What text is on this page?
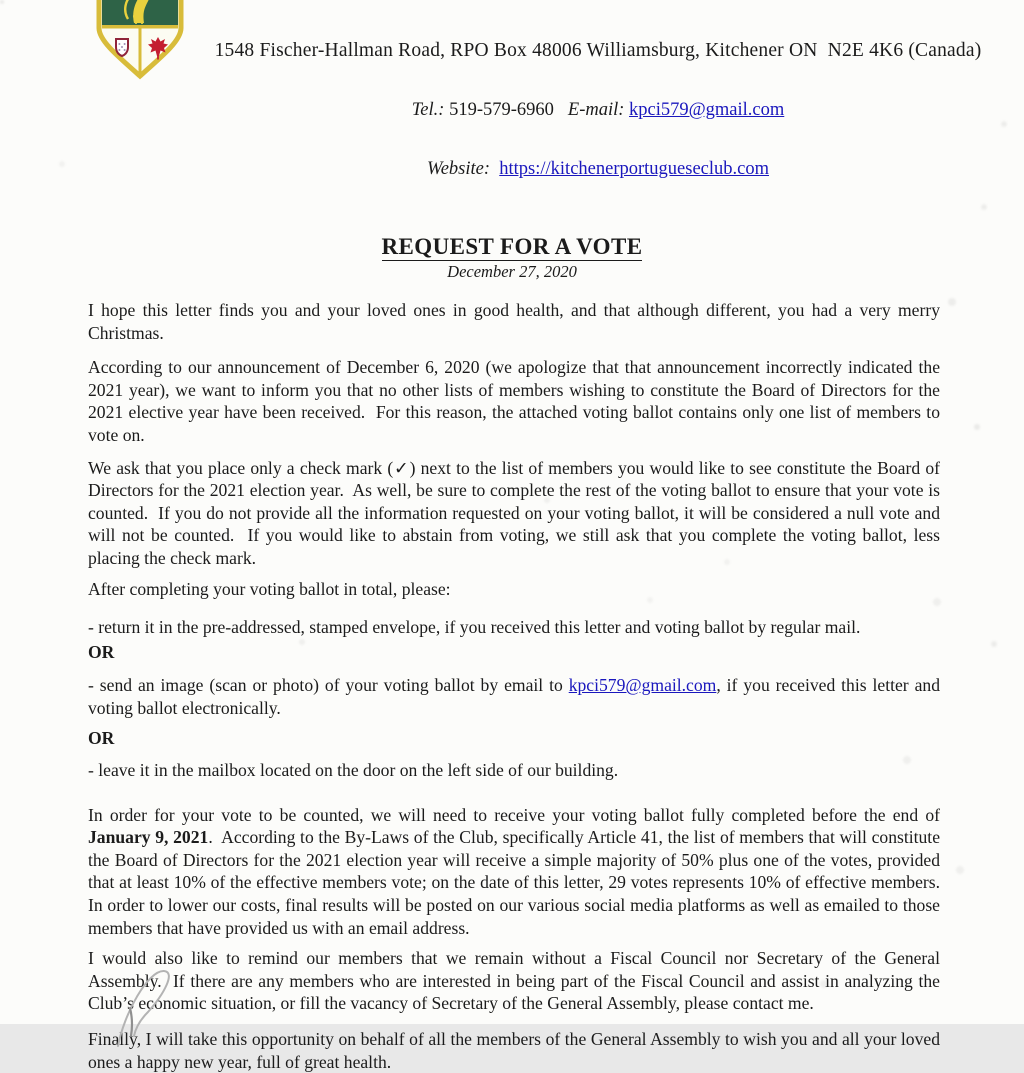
1548 Fischer-Hallman Road, RPO Box 48006 Williamsburg, Kitchener ON  N2E 4K6 (Canada)

Tel.: 519-579-6960 E-mail: kpci579@gmail.com

Website: https://kitchenerportugueseclub.com

REQUEST FOR A VOTE
December 27, 2020

I hope this letter finds you and your loved ones in good health, and that although different, you had a very merry Christmas.

According to our announcement of December 6, 2020 (we apologize that that announcement incorrectly indicated the 2021 year), we want to inform you that no other lists of members wishing to constitute the Board of Directors for the 2021 elective year have been received.  For this reason, the attached voting ballot contains only one list of members to vote on.

We ask that you place only a check mark (✓) next to the list of members you would like to see constitute the Board of Directors for the 2021 election year.  As well, be sure to complete the rest of the voting ballot to ensure that your vote is counted.  If you do not provide all the information requested on your voting ballot, it will be considered a null vote and will not be counted.  If you would like to abstain from voting, we still ask that you complete the voting ballot, less placing the check mark.

After completing your voting ballot in total, please:

- return it in the pre-addressed, stamped envelope, if you received this letter and voting ballot by regular mail.

OR

- send an image (scan or photo) of your voting ballot by email to kpci579@gmail.com, if you received this letter and voting ballot electronically.

OR

- leave it in the mailbox located on the door on the left side of our building.

In order for your vote to be counted, we will need to receive your voting ballot fully completed before the end of January 9, 2021.  According to the By-Laws of the Club, specifically Article 41, the list of members that will constitute the Board of Directors for the 2021 election year will receive a simple majority of 50% plus one of the votes, provided that at least 10% of the effective members vote; on the date of this letter, 29 votes represents 10% of effective members.  In order to lower our costs, final results will be posted on our various social media platforms as well as emailed to those members that have provided us with an email address.

I would also like to remind our members that we remain without a Fiscal Council nor Secretary of the General Assembly.  If there are any members who are interested in being part of the Fiscal Council and assist in analyzing the Club’s economic situation, or fill the vacancy of Secretary of the General Assembly, please contact me.

Finally, I will take this opportunity on behalf of all the members of the General Assembly to wish you and all your loved ones a happy new year, full of great health.
